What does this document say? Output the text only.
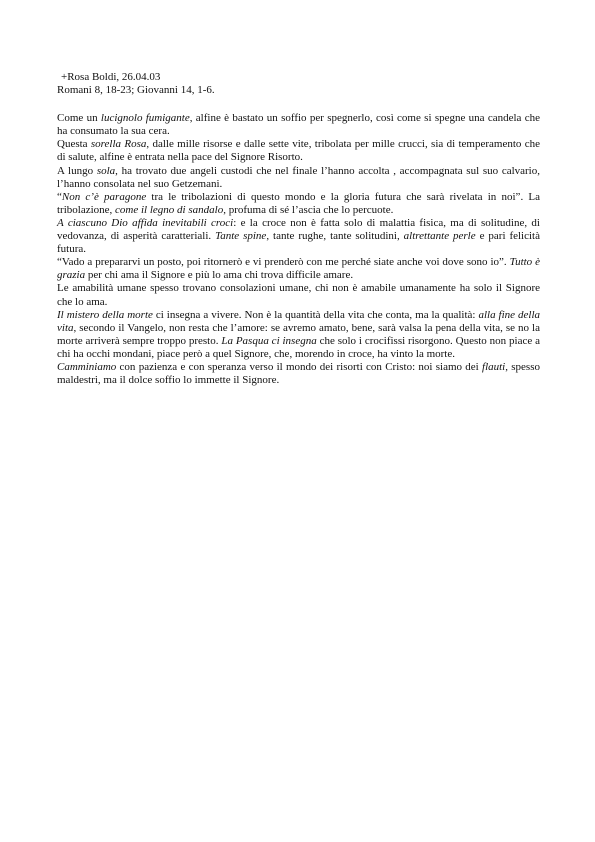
+Rosa Boldi, 26.04.03

Romani 8, 18-23; Giovanni 14, 1-6.

Come un lucignolo fumigante, alfine è bastato un soffio per spegnerlo, così come si spegne una candela che ha consumato la sua cera.

Questa sorella Rosa, dalle mille risorse e dalle sette vite, tribolata per mille crucci, sia di temperamento che di salute, alfine è entrata nella pace del Signore Risorto.

A lungo sola, ha trovato due angeli custodi che nel finale l’hanno accolta , accompagnata sul suo calvario, l’hanno consolata nel suo Getzemani.

“Non c’è paragone tra le tribolazioni di questo mondo e la gloria futura che sarà rivelata in noi”. La tribolazione, come il legno di sandalo, profuma di sé l’ascia che lo percuote.

A ciascuno Dio affida inevitabili croci: e la croce non è fatta solo di malattia fisica, ma di solitudine, di vedovanza, di asperità caratteriali. Tante spine, tante rughe, tante solitudini, altrettante perle e pari felicità futura.

“Vado a prepararvi un posto, poi ritornerò e vi prenderò con me perché siate anche voi dove sono io”. Tutto è grazia per chi ama il Signore e più lo ama chi trova difficile amare.

Le amabilità umane spesso trovano consolazioni umane, chi non è amabile umanamente ha solo il Signore che lo ama.

Il mistero della morte ci insegna a vivere. Non è la quantità della vita che conta, ma la qualità: alla fine della vita, secondo il Vangelo, non resta che l’amore: se avremo amato, bene, sarà valsa la pena della vita, se no la morte arriverà sempre troppo presto. La Pasqua ci insegna che solo i crocifissi risorgono. Questo non piace a chi ha occhi mondani, piace però a quel Signore, che, morendo in croce, ha vinto la morte.

Camminiamo con pazienza e con speranza verso il mondo dei risorti con Cristo: noi siamo dei flauti, spesso maldestri, ma il dolce soffio lo immette il Signore.
